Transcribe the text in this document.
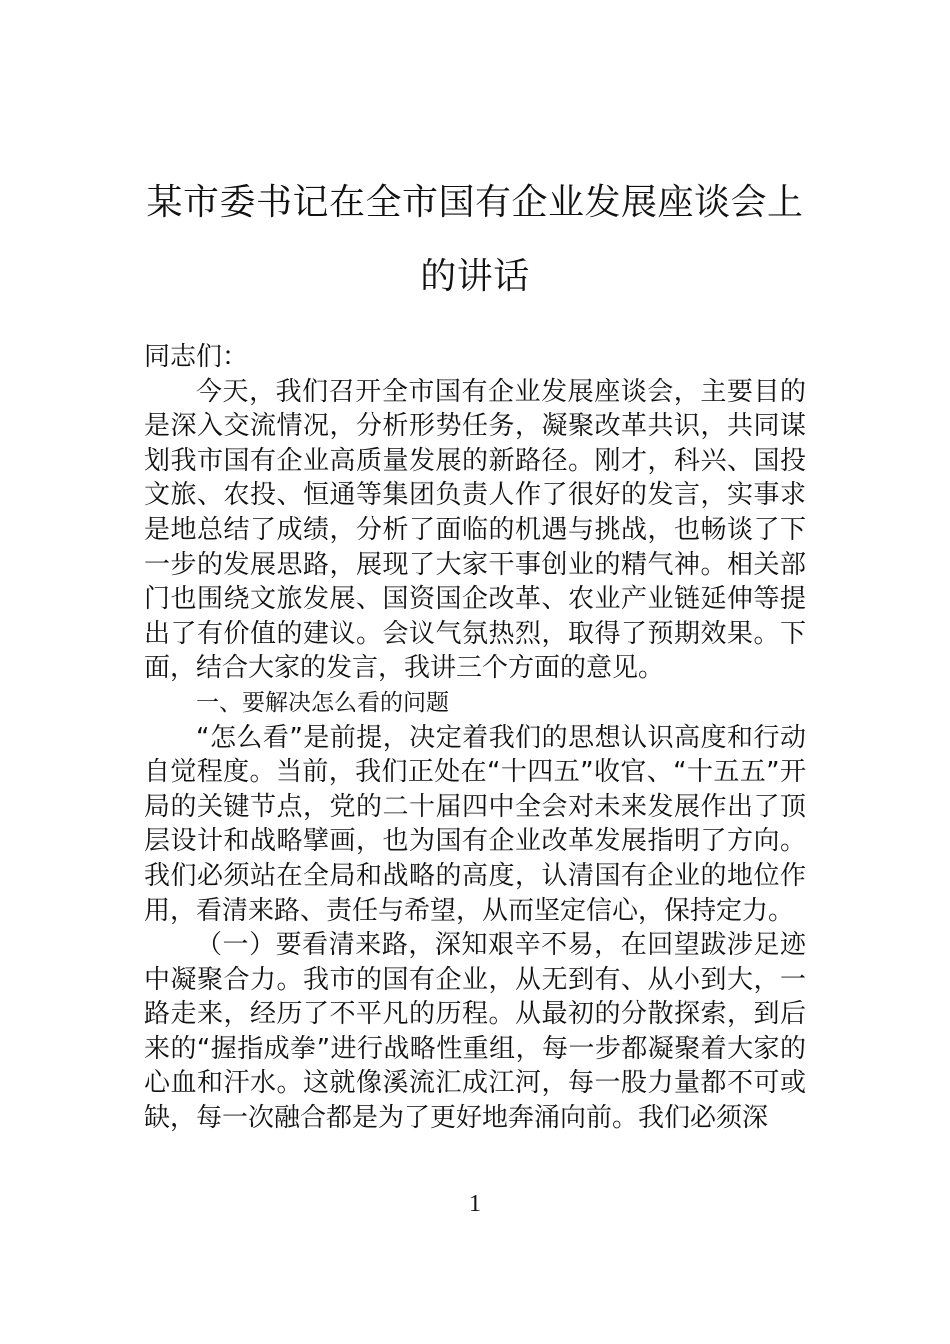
某市委书记在全市国有企业发展座谈会上的讲话

同志们：

今天，我们召开全市国有企业发展座谈会，主要目的是深入交流情况，分析形势任务，凝聚改革共识，共同谋划我市国有企业高质量发展的新路径。刚才，科兴、国投文旅、农投、恒通等集团负责人作了很好的发言，实事求是地总结了成绩，分析了面临的机遇与挑战，也畅谈了下一步的发展思路，展现了大家干事创业的精气神。相关部门也围绕文旅发展、国资国企改革、农业产业链延伸等提出了有价值的建议。会议气氛热烈，取得了预期效果。下面，结合大家的发言，我讲三个方面的意见。

一、要解决怎么看的问题

“怎么看”是前提，决定着我们的思想认识高度和行动自觉程度。当前，我们正处在“十四五”收官、“十五五”开局的关键节点，党的二十届四中全会对未来发展作出了顶层设计和战略擘画，也为国有企业改革发展指明了方向。我们必须站在全局和战略的高度，认清国有企业的地位作用，看清来路、责任与希望，从而坚定信心，保持定力。

（一）要看清来路，深知艰辛不易，在回望跋涉足迹中凝聚合力。我市的国有企业，从无到有、从小到大，一路走来，经历了不平凡的历程。从最初的分散探索，到后来的“握指成拳”进行战略性重组，每一步都凝聚着大家的心血和汗水。这就像溪流汇成江河，每一股力量都不可或缺，每一次融合都是为了更好地奔涌向前。我们必须深

1
